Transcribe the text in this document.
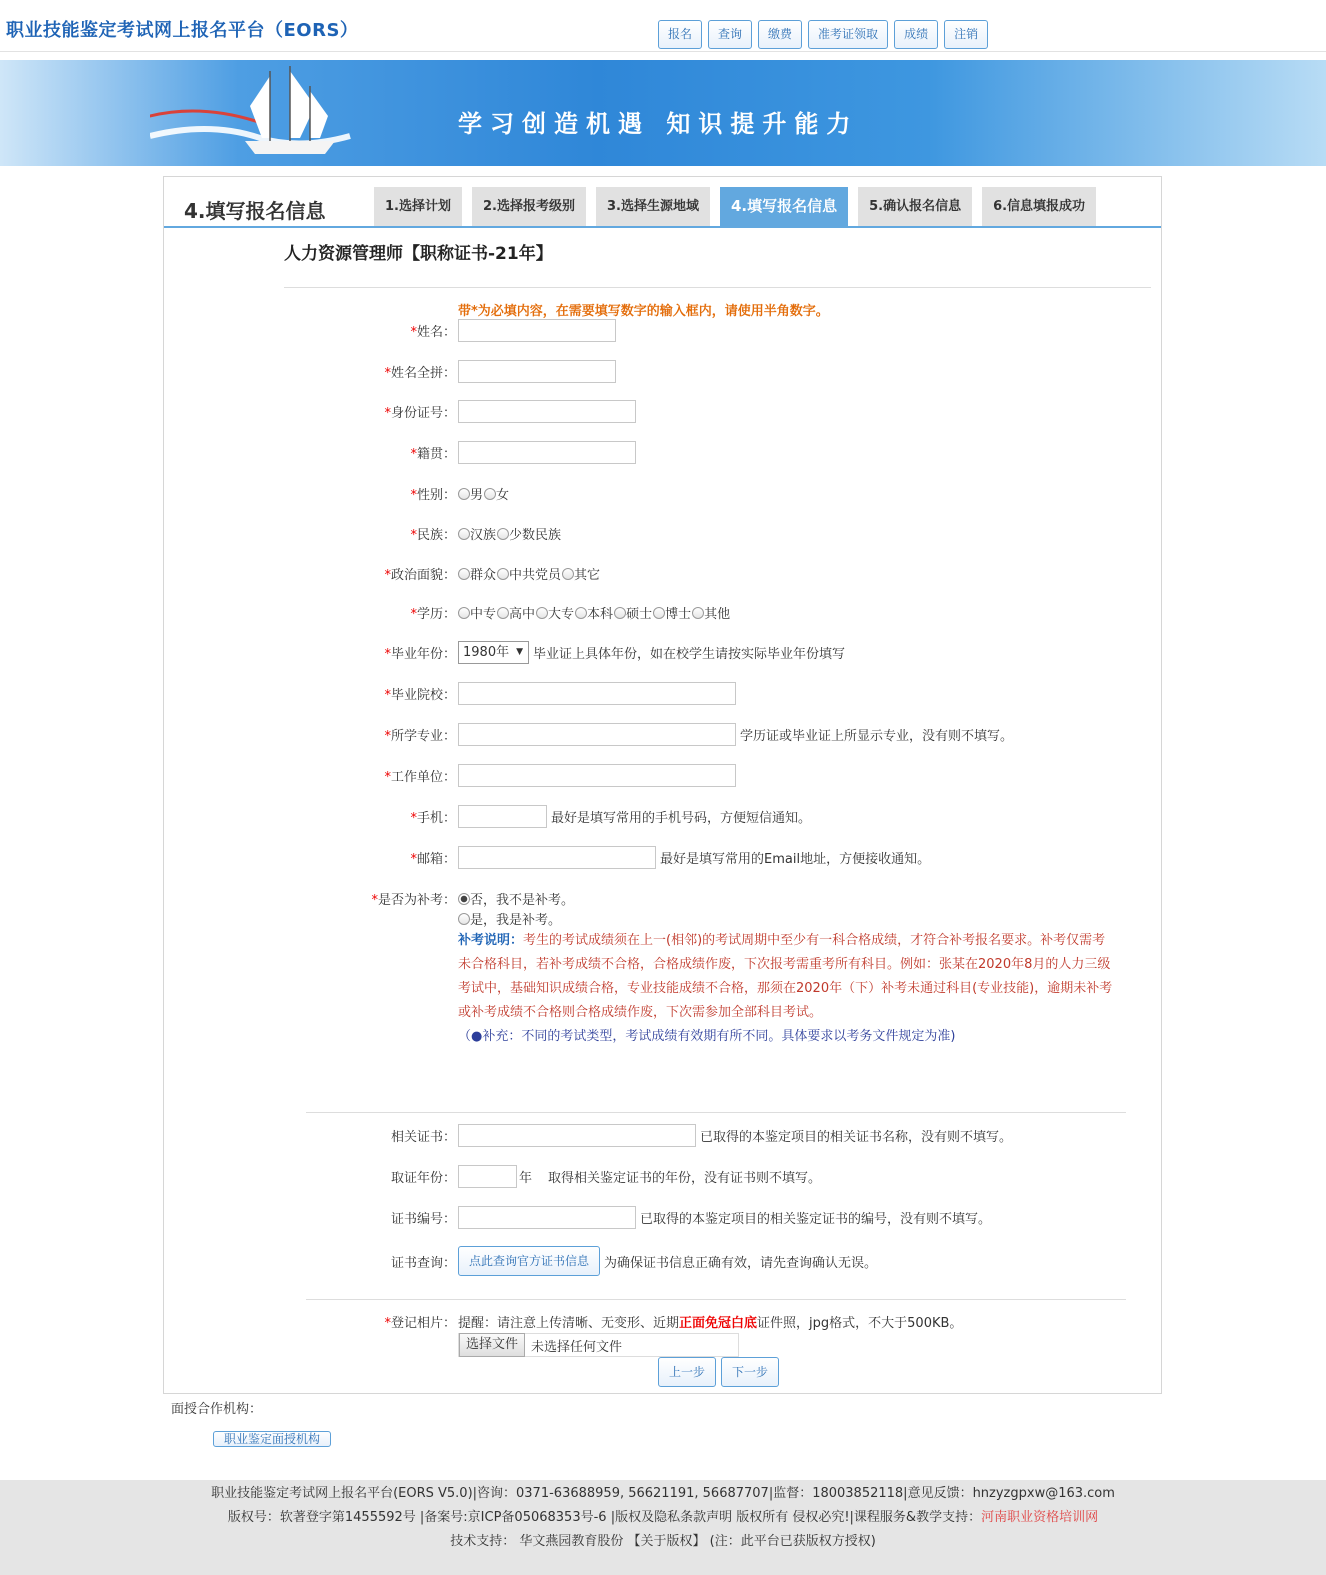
职业技能鉴定考试网上报名平台（EORS）	报名	查询	缴费	准考证领取	成绩	注销
学习创造机遇 知识提升能力
4.填写报名信息	1.选择计划	2.选择报考级别	3.选择生源地域	4.填写报名信息	5.确认报名信息	6.信息填报成功
人力资源管理师【职称证书-21年】
带*为必填内容，在需要填写数字的输入框内，请使用半角数字。
*姓名：
*姓名全拼：
*身份证号：
*籍贯：
*性别： 男 女
*民族： 汉族 少数民族
*政治面貌： 群众 中共党员 其它
*学历： 中专 高中 大专 本科 硕士 博士 其他
*毕业年份： 1980年 ▼	毕业证上具体年份，如在校学生请按实际毕业年份填写
*毕业院校：
*所学专业：	学历证或毕业证上所显示专业，没有则不填写。
*工作单位：
*手机：	最好是填写常用的手机号码，方便短信通知。
*邮箱：	最好是填写常用的Email地址，方便接收通知。
*是否为补考： 否，我不是补考。
是，我是补考。
补考说明：考生的考试成绩须在上一(相邻)的考试周期中至少有一科合格成绩，才符合补考报名要求。补考仅需考未合格科目，若补考成绩不合格，合格成绩作废，下次报考需重考所有科目。例如：张某在2020年8月的人力三级考试中，基础知识成绩合格，专业技能成绩不合格，那须在2020年（下）补考未通过科目(专业技能)，逾期未补考或补考成绩不合格则合格成绩作废，下次需参加全部科目考试。
（●补充：不同的考试类型，考试成绩有效期有所不同。具体要求以考务文件规定为准)
相关证书：	已取得的本鉴定项目的相关证书名称，没有则不填写。
取证年份：	年 取得相关鉴定证书的年份，没有证书则不填写。
证书编号：	已取得的本鉴定项目的相关鉴定证书的编号，没有则不填写。
证书查询：	点此查询官方证书信息	为确保证书信息正确有效，请先查询确认无误。
*登记相片： 提醒：请注意上传清晰、无变形、近期正面免冠白底证件照，jpg格式，不大于500KB。
选择文件	未选择任何文件
上一步	下一步
面授合作机构：
职业鉴定面授机构
职业技能鉴定考试网上报名平台(EORS V5.0)|咨询：0371-63688959, 56621191, 56687707|监督：18003852118|意见反馈：hnzyzgpxw@163.com
版权号：软著登字第1455592号 |备案号:京ICP备05068353号-6 |版权及隐私条款声明 版权所有 侵权必究!|课程服务&教学支持：河南职业资格培训网
技术支持： 华文燕园教育股份 【关于版权】 (注：此平台已获版权方授权)
